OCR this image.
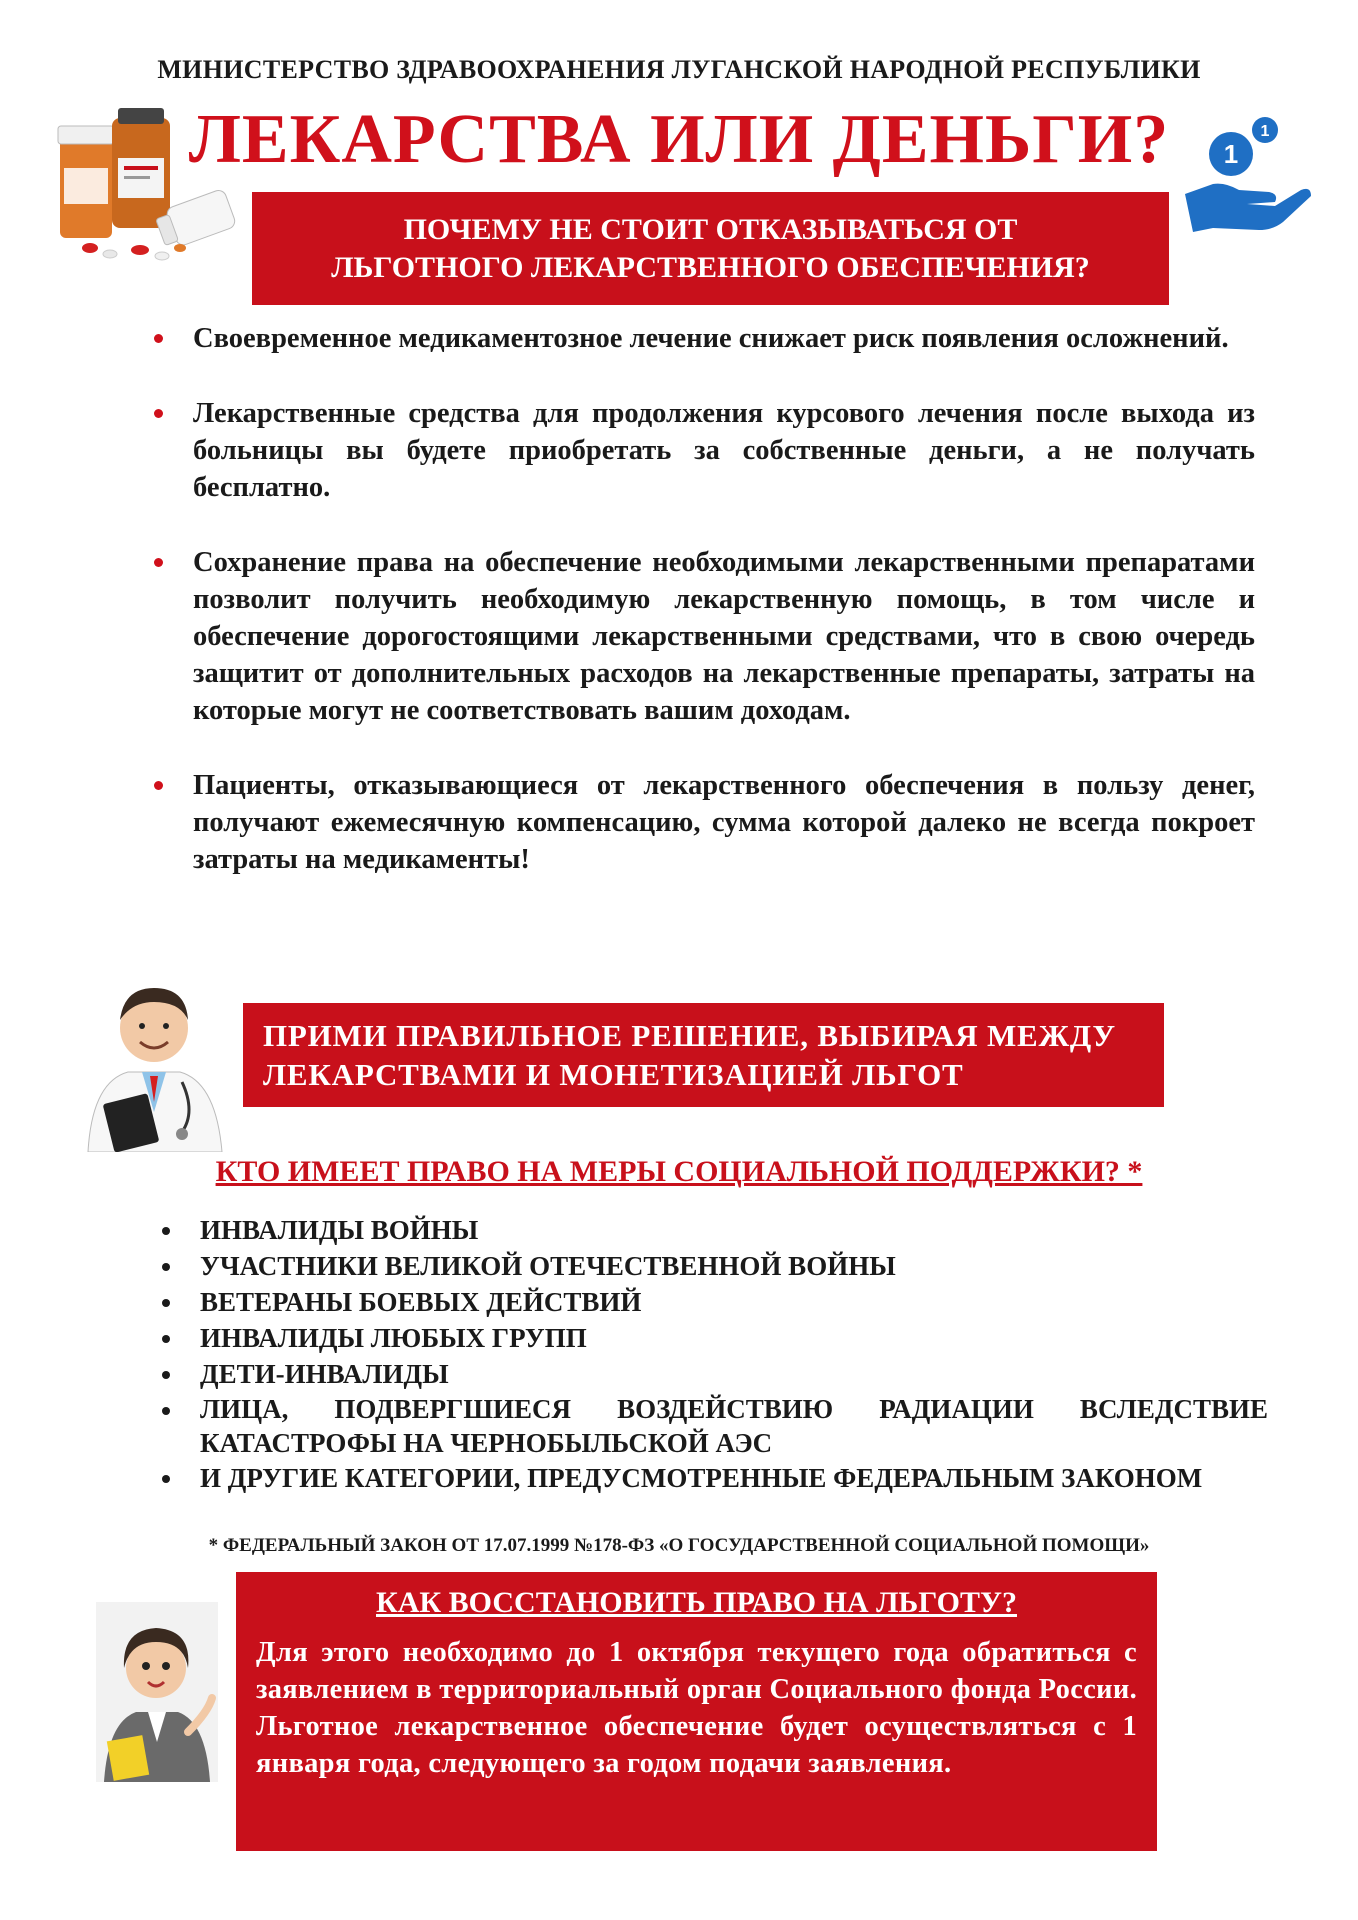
МИНИСТЕРСТВО ЗДРАВООХРАНЕНИЯ ЛУГАНСКОЙ НАРОДНОЙ РЕСПУБЛИКИ
ЛЕКАРСТВА ИЛИ ДЕНЬГИ?	1
1
ПОЧЕМУ НЕ СТОИТ ОТКАЗЫВАТЬСЯ ОТ
ЛЬГОТНОГО ЛЕКАРСТВЕННОГО ОБЕСПЕЧЕНИЯ?
Своевременное медикаментозное лечение снижает риск появления осложнений.
Лекарственные средства для продолжения курсового лечения после выхода из больницы вы будете приобретать за собственные деньги, а не получать бесплатно.
Сохранение права на обеспечение необходимыми лекарственными препаратами позволит получить необходимую лекарственную помощь, в том числе и обеспечение дорогостоящими лекарственными средствами, что в свою очередь защитит от дополнительных расходов на лекарственные препараты, затраты на которые могут не соответствовать вашим доходам.
Пациенты, отказывающиеся от лекарственного обеспечения в пользу денег, получают ежемесячную компенсацию, сумма которой далеко не всегда покроет затраты на медикаменты!
ПРИМИ ПРАВИЛЬНОЕ РЕШЕНИЕ, ВЫБИРАЯ МЕЖДУ
ЛЕКАРСТВАМИ И МОНЕТИЗАЦИЕЙ ЛЬГОТ
КТО ИМЕЕТ ПРАВО НА МЕРЫ СОЦИАЛЬНОЙ ПОДДЕРЖКИ? *
ИНВАЛИДЫ ВОЙНЫ
УЧАСТНИКИ ВЕЛИКОЙ ОТЕЧЕСТВЕННОЙ ВОЙНЫ
ВЕТЕРАНЫ БОЕВЫХ ДЕЙСТВИЙ
ИНВАЛИДЫ ЛЮБЫХ ГРУПП
ДЕТИ-ИНВАЛИДЫ
ЛИЦА, ПОДВЕРГШИЕСЯ ВОЗДЕЙСТВИЮ РАДИАЦИИ ВСЛЕДСТВИЕ КАТАСТРОФЫ НА ЧЕРНОБЫЛЬСКОЙ АЭС
И ДРУГИЕ КАТЕГОРИИ, ПРЕДУСМОТРЕННЫЕ ФЕДЕРАЛЬНЫМ ЗАКОНОМ
* ФЕДЕРАЛЬНЫЙ ЗАКОН ОТ 17.07.1999 №178-ФЗ «О ГОСУДАРСТВЕННОЙ СОЦИАЛЬНОЙ ПОМОЩИ»
КАК ВОССТАНОВИТЬ ПРАВО НА ЛЬГОТУ?
Для этого необходимо до 1 октября текущего года обратиться с заявлением в территориальный орган Социального фонда России. Льготное лекарственное обеспечение будет осуществляться с 1 января года, следующего за годом подачи заявления.
